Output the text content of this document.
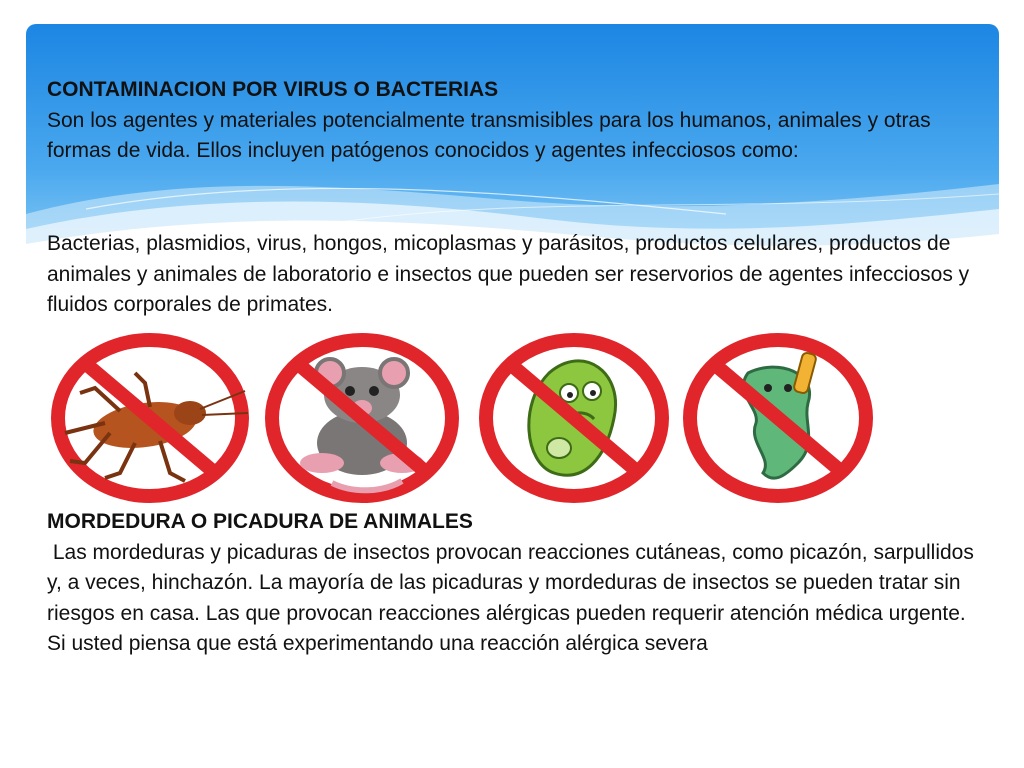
CONTAMINACION POR VIRUS O BACTERIAS
Son los agentes y materiales potencialmente transmisibles para los humanos, animales y otras formas de vida. Ellos incluyen patógenos conocidos y agentes infecciosos como:
Bacterias, plasmidios, virus, hongos, micoplasmas y parásitos, productos celulares, productos de animales y animales de laboratorio e insectos que pueden ser reservorios de agentes infecciosos y fluidos corporales de primates.
MORDEDURA O PICADURA DE ANIMALES
Las mordeduras y picaduras de insectos provocan reacciones cutáneas, como picazón, sarpullidos y, a veces, hinchazón. La mayoría de las picaduras y mordeduras de insectos se pueden tratar sin riesgos en casa. Las que provocan reacciones alérgicas pueden requerir atención médica urgente. Si usted piensa que está experimentando una reacción alérgica severa
